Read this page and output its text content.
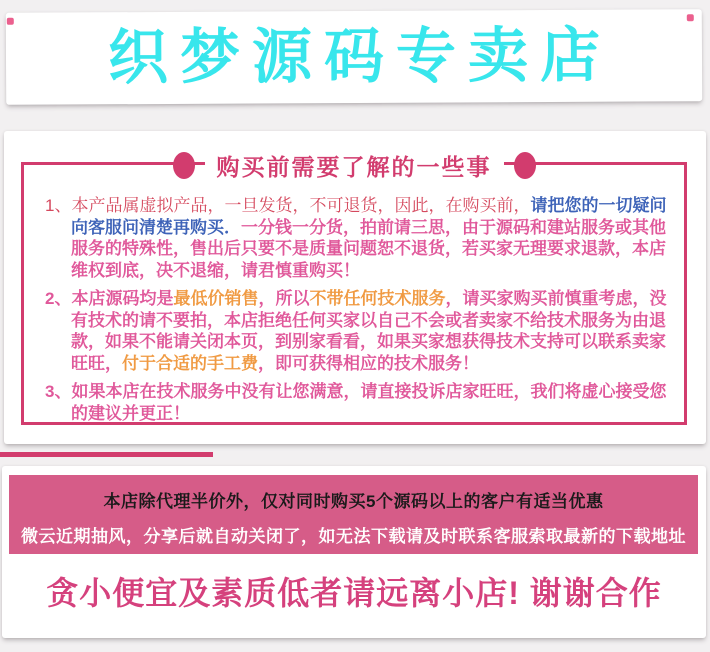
织梦源码专卖店
购买前需要了解的一些事
1、本产品属虚拟产品，一旦发货，不可退货，因此，在购买前，请把您的一切疑问
向客服问清楚再购买．一分钱一分货，拍前请三思，由于源码和建站服务或其他
服务的特殊性，售出后只要不是质量问题恕不退货，若买家无理要求退款，本店
维权到底，决不退缩，请君慎重购买！
2、本店源码均是最低价销售，所以不带任何技术服务，请买家购买前慎重考虑，没
有技术的请不要拍，本店拒绝任何买家以自己不会或者卖家不给技术服务为由退
款，如果不能请关闭本页，到别家看看，如果买家想获得技术支持可以联系卖家
旺旺，付于合适的手工费，即可获得相应的技术服务！
3、如果本店在技术服务中没有让您满意，请直接投诉店家旺旺，我们将虚心接受您
的建议并更正！
本店除代理半价外，仅对同时购买5个源码以上的客户有适当优惠
微云近期抽风，分享后就自动关闭了，如无法下载请及时联系客服索取最新的下载地址
贪小便宜及素质低者请远离小店! 谢谢合作
